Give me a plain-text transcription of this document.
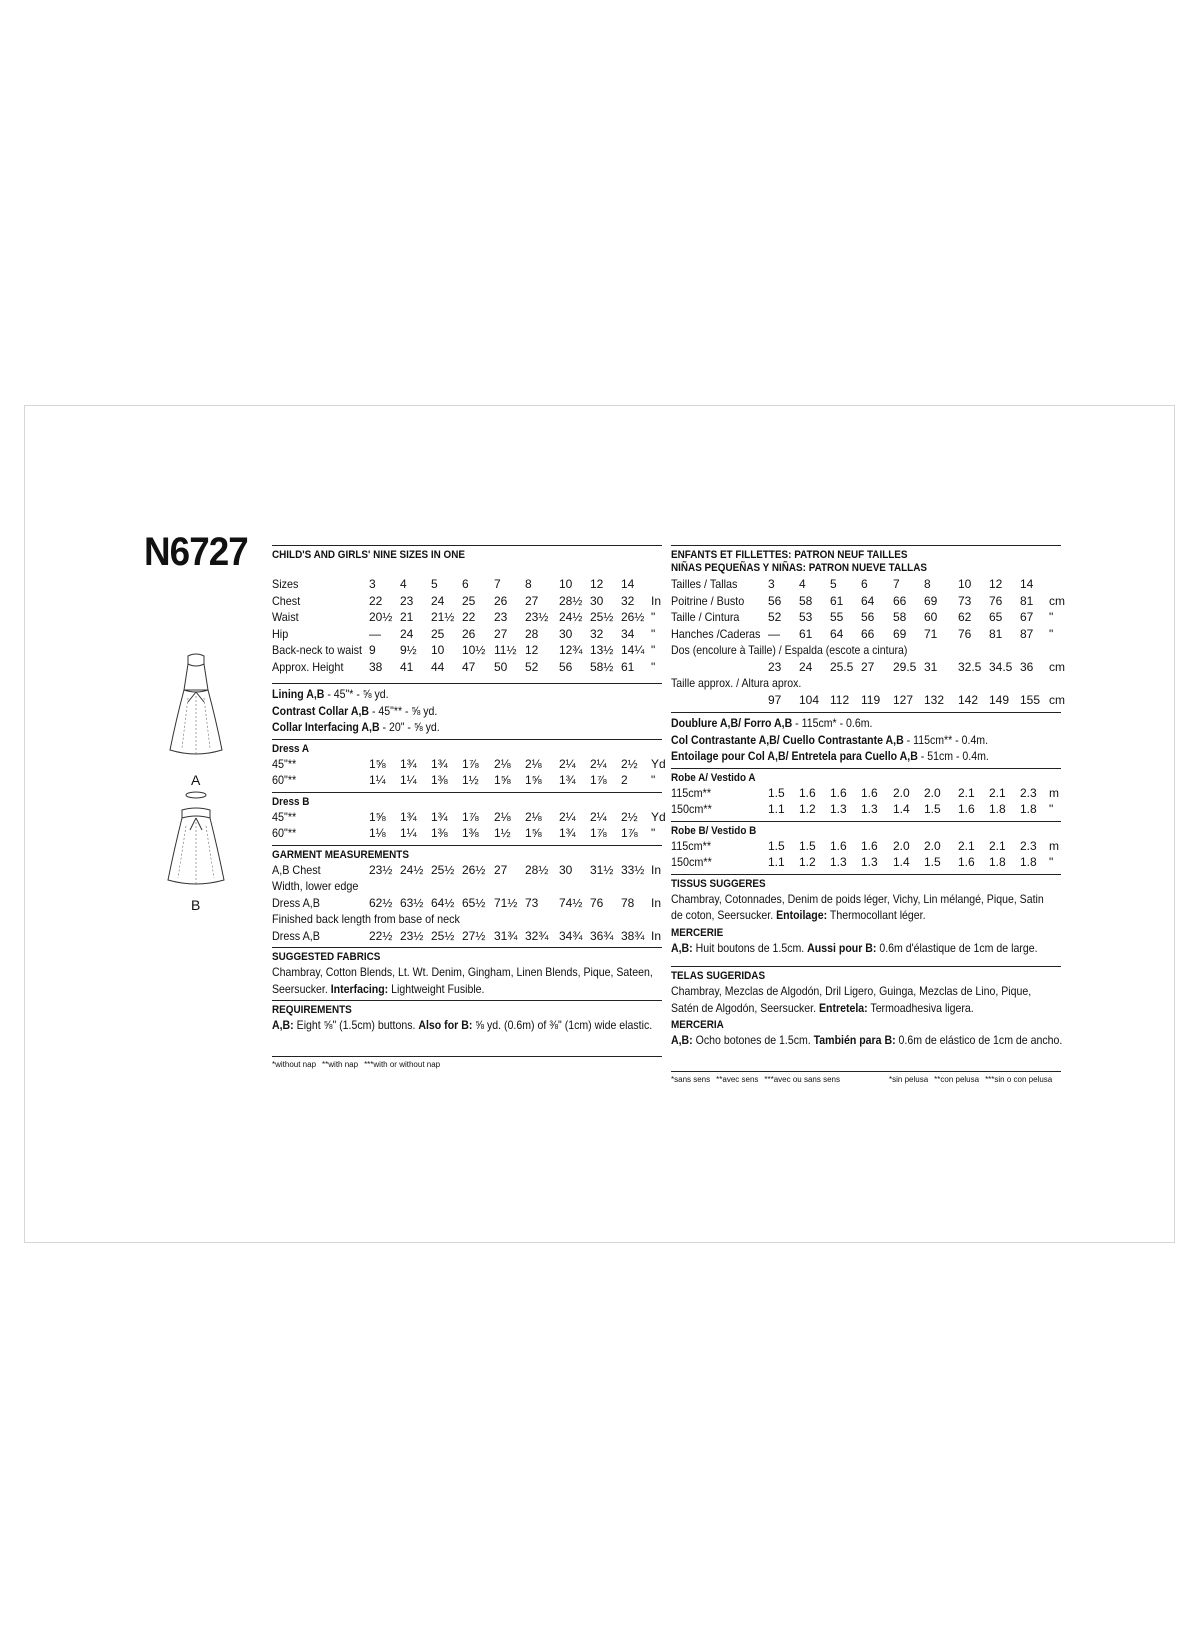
N6727
A
B
CHILD'S AND GIRLS' NINE SIZES IN ONE
Sizes	3 4 5 6 7 8 10 12 14
Chest	22 23 24 25 26 27 28½ 30 32 In
Waist	20½ 21 21½ 22 23 23½ 24½ 25½ 26½ "
Hip	— 24 25 26 27 28 30 32 34 "
Back-neck to waist 9 9½ 10 10½ 11½ 12 12¾ 13½ 14¼ "
Approx. Height 38 41 44 47 50 52 56 58½ 61 "
Lining A,B - 45"* - ⅝ yd.
Contrast Collar A,B - 45"** - ⅝ yd.
Collar Interfacing A,B - 20" - ⅝ yd.
Dress A
45"**	1⅝ 1¾ 1¾ 1⅞ 2⅛ 2⅛ 2¼ 2¼ 2½ Yd
60"**	1¼ 1¼ 1⅜ 1½ 1⅝ 1⅝ 1¾ 1⅞ 2 "
Dress B
45"**	1⅝ 1¾ 1¾ 1⅞ 2⅛ 2⅛ 2¼ 2¼ 2½ Yd
60"**	1⅛ 1¼ 1⅜ 1⅜ 1½ 1⅝ 1¾ 1⅞ 1⅞ "
GARMENT MEASUREMENTS
A,B Chest	23½ 24½ 25½ 26½ 27 28½ 30 31½ 33½ In
Width, lower edge
Dress A,B	62½ 63½ 64½ 65½ 71½ 73 74½ 76 78 In
Finished back length from base of neck
Dress A,B	22½ 23½ 25½ 27½ 31¾ 32¾ 34¾ 36¾ 38¾ In
SUGGESTED FABRICS
Chambray, Cotton Blends, Lt. Wt. Denim, Gingham, Linen Blends, Pique, Sateen,
Seersucker. Interfacing: Lightweight Fusible.
REQUIREMENTS
A,B: Eight ⅝" (1.5cm) buttons. Also for B: ⅝ yd. (0.6m) of ⅜" (1cm) wide elastic.
*without nap **with nap ***with or without nap
ENFANTS ET FILLETTES: PATRON NEUF TAILLES
NIÑAS PEQUEÑAS Y NIÑAS: PATRON NUEVE TALLAS
Tailles / Tallas	3 4 5 6 7 8 10 12 14
Poitrine / Busto 56 58 61 64 66 69 73 76 81 cm
Taille / Cintura 52 53 55 56 58 60 62 65 67 "
Hanches /Caderas — 61 64 66 69 71 76 81 87 "
Dos (encolure à Taille) / Espalda (escote a cintura)
23 24 25.5 27 29.5 31 32.5 34.5 36 cm
Taille approx. / Altura aprox.
97 104 112 119 127 132 142 149 155 cm
Doublure A,B/ Forro A,B - 115cm* - 0.6m.
Col Contrastante A,B/ Cuello Contrastante A,B - 115cm** - 0.4m.
Entoilage pour Col A,B/ Entretela para Cuello A,B - 51cm - 0.4m.
Robe A/ Vestido A
115cm**	1.5 1.6 1.6 1.6 2.0 2.0 2.1 2.1 2.3 m
150cm**	1.1 1.2 1.3 1.3 1.4 1.5 1.6 1.8 1.8 "
Robe B/ Vestido B
115cm**	1.5 1.5 1.6 1.6 2.0 2.0 2.1 2.1 2.3 m
150cm**	1.1 1.2 1.3 1.3 1.4 1.5 1.6 1.8 1.8 "
TISSUS SUGGERES
Chambray, Cotonnades, Denim de poids léger, Vichy, Lin mélangé, Pique, Satin
de coton, Seersucker. Entoilage: Thermocollant léger.
MERCERIE
A,B: Huit boutons de 1.5cm. Aussi pour B: 0.6m d'élastique de 1cm de large.
TELAS SUGERIDAS
Chambray, Mezclas de Algodón, Dril Ligero, Guinga, Mezclas de Lino, Pique,
Satén de Algodón, Seersucker. Entretela: Termoadhesiva ligera.
MERCERIA
A,B: Ocho botones de 1.5cm. También para B: 0.6m de elástico de 1cm de ancho.
*sans sens **avec sens ***avec ou sans sens	*sin pelusa **con pelusa ***sin o con pelusa
